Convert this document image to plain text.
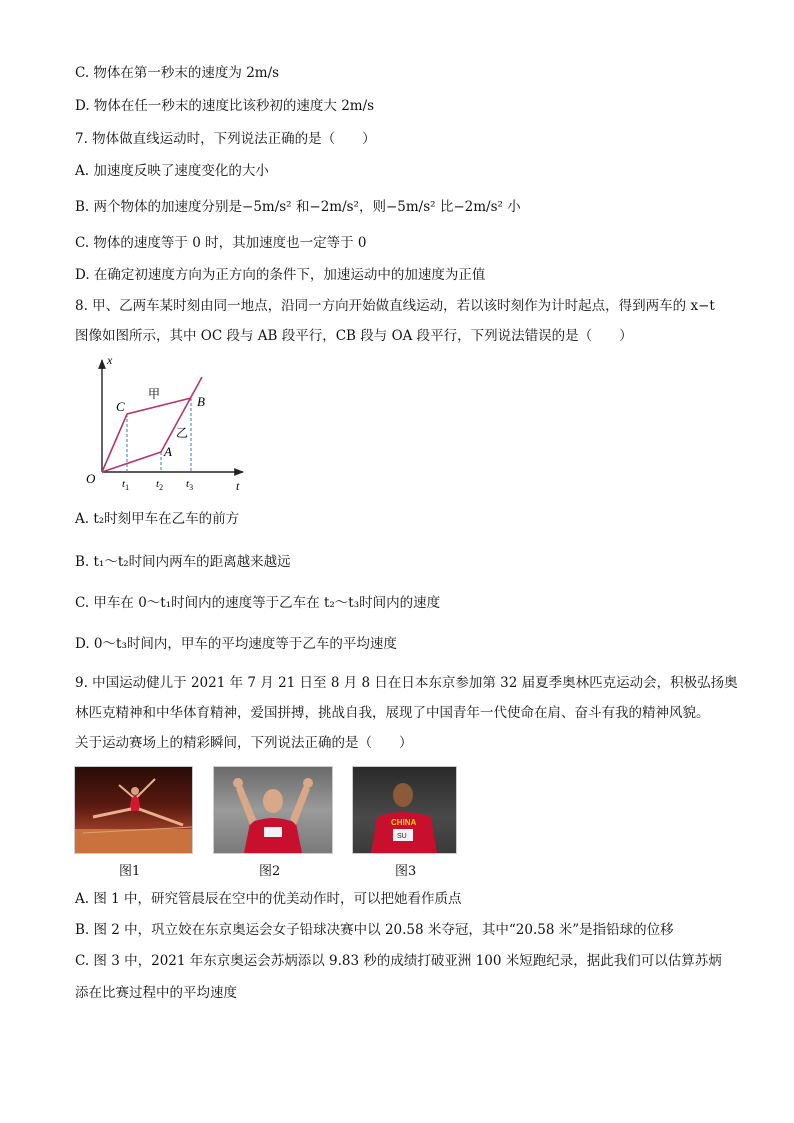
C. 物体在第一秒末的速度为 2m/s
D. 物体在任一秒末的速度比该秒初的速度大 2m/s
7. 物体做直线运动时，下列说法正确的是（　　）
A. 加速度反映了速度变化的大小
B. 两个物体的加速度分别是−5m/s² 和−2m/s²，则−5m/s² 比−2m/s² 小
C. 物体的速度等于 0 时，其加速度也一定等于 0
D. 在确定初速度方向为正方向的条件下，加速运动中的加速度为正值
8. 甲、乙两车某时刻由同一地点，沿同一方向开始做直线运动，若以该时刻作为计时起点，得到两车的 x−t
图像如图所示，其中 OC 段与 AB 段平行，CB 段与 OA 段平行，下列说法错误的是（　　）
x
t
O
C
A
B
甲
乙
$t_1$ $t_2$ $t_3$
A. t₂时刻甲车在乙车的前方
B. t₁～t₂时间内两车的距离越来越远
C. 甲车在 0～t₁时间内的速度等于乙车在 t₂～t₃时间内的速度
D. 0～t₃时间内，甲车的平均速度等于乙车的平均速度
9. 中国运动健儿于 2021 年 7 月 21 日至 8 月 8 日在日本东京参加第 32 届夏季奥林匹克运动会，积极弘扬奥
林匹克精神和中华体育精神，爱国拼搏，挑战自我，展现了中国青年一代使命在肩、奋斗有我的精神风貌。
关于运动赛场上的精彩瞬间，下列说法正确的是（　　）
图1	图2
CHINA
SU
图3
A. 图 1 中，研究管晨辰在空中的优美动作时，可以把她看作质点
B. 图 2 中，巩立姣在东京奥运会女子铅球决赛中以 20.58 米夺冠，其中“20.58 米”是指铅球的位移
C. 图 3 中，2021 年东京奥运会苏炳添以 9.83 秒的成绩打破亚洲 100 米短跑纪录，据此我们可以估算苏炳
添在比赛过程中的平均速度
